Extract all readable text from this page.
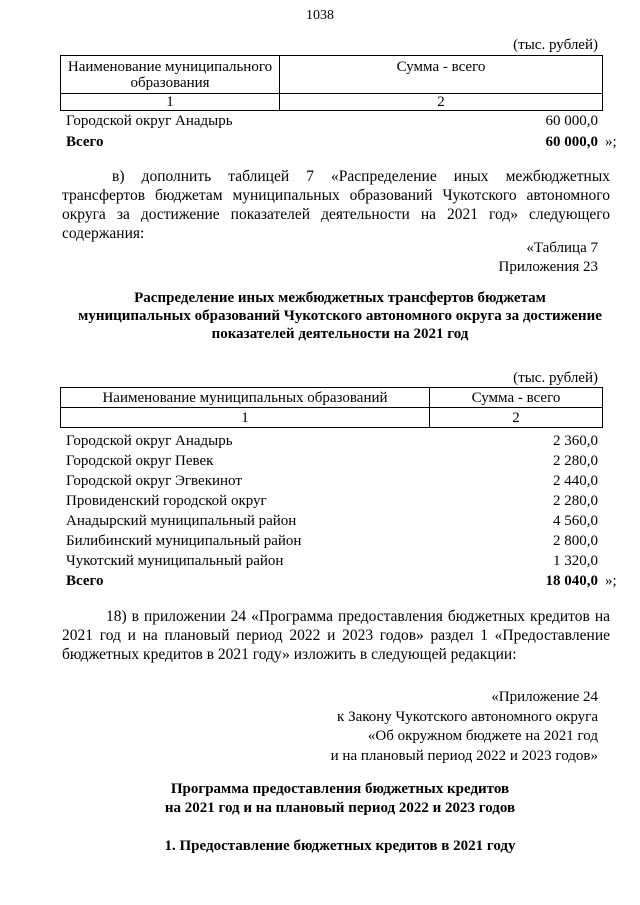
1038
(тыс. рублей)
Наименование муниципального образования	Сумма - всего
1	2
Городской округ Анадырь	60 000,0
Всего	60 000,0 »;
в) дополнить таблицей 7 «Распределение иных межбюджетных трансфертов бюджетам муниципальных образований Чукотского автономного округа за достижение показателей деятельности на 2021 год» следующего содержания:
«Таблица 7
Приложения 23
Распределение иных межбюджетных трансфертов бюджетам
муниципальных образований Чукотского автономного округа за достижение
показателей деятельности на 2021 год
(тыс. рублей)
Наименование муниципальных образований	Сумма - всего
1	2
Городской округ Анадырь	2 360,0
Городской округ Певек	2 280,0
Городской округ Эгвекинот	2 440,0
Провиденский городской округ	2 280,0
Анадырский муниципальный район	4 560,0
Билибинский муниципальный район	2 800,0
Чукотский муниципальный район	1 320,0
Всего	18 040,0 »;
18) в приложении 24 «Программа предоставления бюджетных кредитов на 2021 год и на плановый период 2022 и 2023 годов» раздел 1 «Предоставление бюджетных кредитов в 2021 году» изложить в следующей редакции:
«Приложение 24
к Закону Чукотского автономного округа
«Об окружном бюджете на 2021 год
и на плановый период 2022 и 2023 годов»
Программа предоставления бюджетных кредитов
на 2021 год и на плановый период 2022 и 2023 годов
1. Предоставление бюджетных кредитов в 2021 году
